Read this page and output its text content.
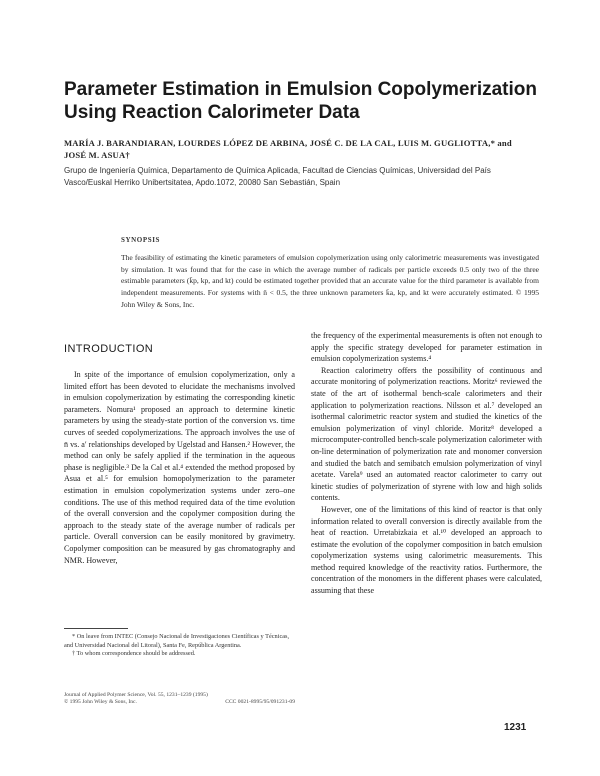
Parameter Estimation in Emulsion Copolymerization Using Reaction Calorimeter Data
MARÍA J. BARANDIARAN, LOURDES LÓPEZ DE ARBINA, JOSÉ C. DE LA CAL, LUIS M. GUGLIOTTA,* and JOSÉ M. ASUA†
Grupo de Ingeniería Química, Departamento de Química Aplicada, Facultad de Ciencias Químicas, Universidad del País Vasco/Euskal Herriko Unibertsitatea, Apdo.1072, 20080 San Sebastián, Spain
SYNOPSIS
The feasibility of estimating the kinetic parameters of emulsion copolymerization using only calorimetric measurements was investigated by simulation. It was found that for the case in which the average number of radicals per particle exceeds 0.5 only two of the three estimable parameters (k̄p, kp, and kt) could be estimated together provided that an accurate value for the third parameter is available from independent measurements. For systems with n̄ < 0.5, the three unknown parameters k̄a, kp, and kt were accurately estimated. © 1995 John Wiley & Sons, Inc.
INTRODUCTION

In spite of the importance of emulsion copolymerization, only a limited effort has been devoted to elucidate the mechanisms involved in emulsion copolymerization by estimating the corresponding kinetic parameters. Nomura¹ proposed an approach to determine kinetic parameters by using the steady-state portion of the conversion vs. time curves of seeded copolymerizations. The approach involves the use of n̄ vs. a′ relationships developed by Ugelstad and Hansen.² However, the method can only be safely applied if the termination in the aqueous phase is negligible.³ De la Cal et al.⁴ extended the method proposed by Asua et al.⁵ for emulsion homopolymerization to the parameter estimation in emulsion copolymerization systems under zero–one conditions. The use of this method required data of the time evolution of the overall conversion and the copolymer composition during the approach to the steady state of the average number of radicals per particle. Overall conversion can be easily monitored by gravimetry. Copolymer composition can be measured by gas chromatography and NMR. However,

the frequency of the experimental measurements is often not enough to apply the specific strategy developed for parameter estimation in emulsion copolymerization systems.⁴

Reaction calorimetry offers the possibility of continuous and accurate monitoring of polymerization reactions. Moritz⁶ reviewed the state of the art of isothermal bench-scale calorimeters and their application to polymerization reactions. Nilsson et al.⁷ developed an isothermal calorimetric reactor system and studied the kinetics of the emulsion polymerization of vinyl chloride. Moritz⁸ developed a microcomputer-controlled bench-scale polymerization calorimeter with on-line determination of polymerization rate and monomer conversion and studied the batch and semibatch emulsion polymerization of vinyl acetate. Varela⁹ used an automated reactor calorimeter to carry out kinetic studies of polymerization of styrene with low and high solids contents.

However, one of the limitations of this kind of reactor is that only information related to overall conversion is directly available from the heat of reaction. Urretabizkaia et al.¹⁰ developed an approach to estimate the evolution of the copolymer composition in batch emulsion copolymerization systems using calorimetric measurements. This method required knowledge of the reactivity ratios. Furthermore, the concentration of the monomers in the different phases were calculated, assuming that these

* On leave from INTEC (Consejo Nacional de Investigaciones Científicas y Técnicas, and Universidad Nacional del Litoral), Santa Fe, República Argentina.

† To whom correspondence should be addressed.

Journal of Applied Polymer Science, Vol. 55, 1231–1239 (1995)
© 1995 John Wiley & Sons, Inc.	CCC 0021-8995/95/091231-09
1231
